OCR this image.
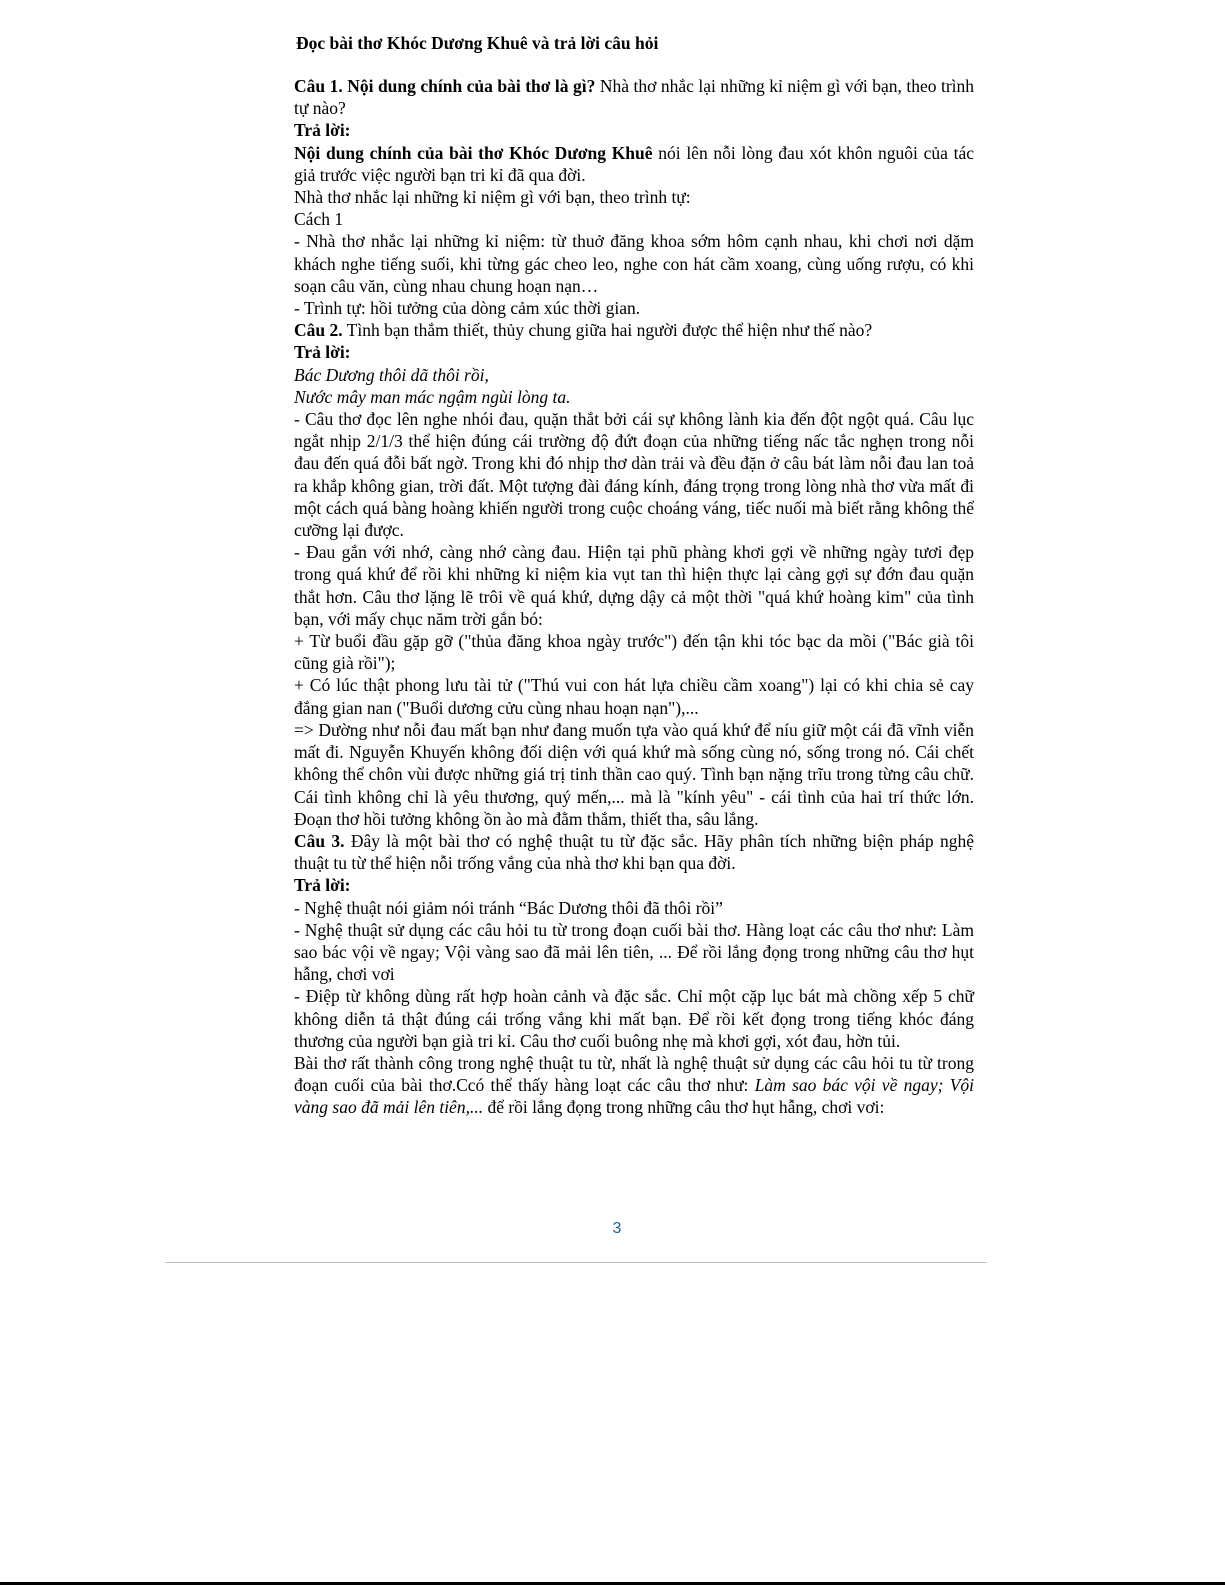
Đọc bài thơ Khóc Dương Khuê và trả lời câu hỏi

Câu 1. Nội dung chính của bài thơ là gì? Nhà thơ nhắc lại những kỉ niệm gì với bạn, theo trình tự nào?

Trả lời:

Nội dung chính của bài thơ Khóc Dương Khuê nói lên nỗi lòng đau xót khôn nguôi của tác giả trước việc người bạn tri kỉ đã qua đời.

Nhà thơ nhắc lại những kỉ niệm gì với bạn, theo trình tự:

Cách 1

- Nhà thơ nhắc lại những kỉ niệm: từ thuở đăng khoa sớm hôm cạnh nhau, khi chơi nơi dặm khách nghe tiếng suối, khi từng gác cheo leo, nghe con hát cầm xoang, cùng uống rượu, có khi soạn câu văn, cùng nhau chung hoạn nạn…

- Trình tự: hồi tưởng của dòng cảm xúc thời gian.

Câu 2. Tình bạn thắm thiết, thủy chung giữa hai người được thể hiện như thế nào?

Trả lời:

Bác Dương thôi dã thôi rồi,

Nước mây man mác ngậm ngùi lòng ta.

- Câu thơ đọc lên nghe nhói đau, quặn thắt bởi cái sự không lành kia đến đột ngột quá. Câu lục ngắt nhịp 2/1/3 thể hiện đúng cái trường độ đứt đoạn của những tiếng nấc tắc nghẹn trong nỗi đau đến quá đỗi bất ngờ. Trong khi đó nhịp thơ dàn trải và đều đặn ở câu bát làm nỗi đau lan toả ra khắp không gian, trời đất. Một tượng đài đáng kính, đáng trọng trong lòng nhà thơ vừa mất đi một cách quá bàng hoàng khiến người trong cuộc choáng váng, tiếc nuối mà biết rằng không thể cưỡng lại được.

- Đau gắn với nhớ, càng nhớ càng đau. Hiện tại phũ phàng khơi gợi về những ngày tươi đẹp trong quá khứ để rồi khi những kỉ niệm kia vụt tan thì hiện thực lại càng gợi sự đớn đau quặn thắt hơn. Câu thơ lặng lẽ trôi về quá khứ, dựng dậy cả một thời "quá khứ hoàng kim" của tình bạn, với mấy chục năm trời gắn bó:

+ Từ buổi đầu gặp gỡ ("thủa đăng khoa ngày trước") đến tận khi tóc bạc da mồi ("Bác già tôi cũng già rồi");

+ Có lúc thật phong lưu tài tử ("Thú vui con hát lựa chiều cầm xoang") lại có khi chia sẻ cay đắng gian nan ("Buổi dương cửu cùng nhau hoạn nạn"),...

=> Dường như nỗi đau mất bạn như đang muốn tựa vào quá khứ để níu giữ một cái đã vĩnh viễn mất đi. Nguyễn Khuyến không đối diện với quá khứ mà sống cùng nó, sống trong nó. Cái chết không thể chôn vùi được những giá trị tinh thần cao quý. Tình bạn nặng trĩu trong từng câu chữ. Cái tình không chỉ là yêu thương, quý mến,... mà là "kính yêu" - cái tình của hai trí thức lớn. Đoạn thơ hồi tưởng không ồn ào mà đằm thắm, thiết tha, sâu lắng.

Câu 3. Đây là một bài thơ có nghệ thuật tu từ đặc sắc. Hãy phân tích những biện pháp nghệ thuật tu từ thể hiện nỗi trống vắng của nhà thơ khi bạn qua đời.

Trả lời:

- Nghệ thuật nói giảm nói tránh “Bác Dương thôi đã thôi rồi”

- Nghệ thuật sử dụng các câu hỏi tu từ trong đoạn cuối bài thơ. Hàng loạt các câu thơ như: Làm sao bác vội về ngay; Vội vàng sao đã mải lên tiên, ... Để rồi lắng đọng trong những câu thơ hụt hẫng, chơi vơi

- Điệp từ không dùng rất hợp hoàn cảnh và đặc sắc. Chỉ một cặp lục bát mà chồng xếp 5 chữ không diễn tả thật đúng cái trống vắng khi mất bạn. Để rồi kết đọng trong tiếng khóc đáng thương của người bạn già tri kỉ. Câu thơ cuối buông nhẹ mà khơi gợi, xót đau, hờn tủi.

Bài thơ rất thành công trong nghệ thuật tu từ, nhất là nghệ thuật sử dụng các câu hỏi tu từ trong đoạn cuối của bài thơ.Ccó thể thấy hàng loạt các câu thơ như: Làm sao bác vội về ngay; Vội vàng sao đã mải lên tiên,... để rồi lắng đọng trong những câu thơ hụt hẫng, chơi vơi:

3
